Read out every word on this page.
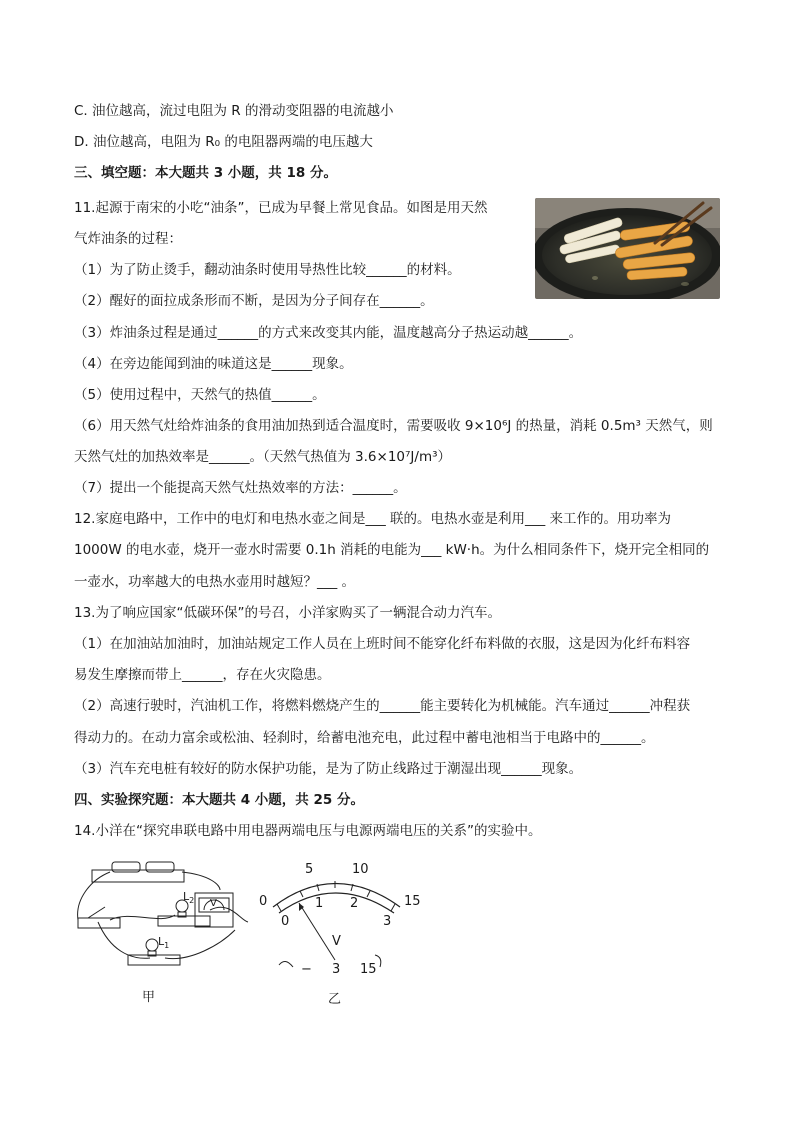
C. 油位越高，流过电阻为 R 的滑动变阻器的电流越小
D. 油位越高，电阻为 R₀ 的电阻器两端的电压越大
三、填空题：本大题共 3 小题，共 18 分。
11.起源于南宋的小吃“油条”，已成为早餐上常见食品。如图是用天然
气炸油条的过程：
（1）为了防止烫手，翻动油条时使用导热性比较______的材料。
（2）醒好的面拉成条形而不断，是因为分子间存在______。
（3）炸油条过程是通过______的方式来改变其内能，温度越高分子热运动越______。
（4）在旁边能闻到油的味道这是______现象。
（5）使用过程中，天然气的热值______。
（6）用天然气灶给炸油条的食用油加热到适合温度时，需要吸收 9×10⁶J 的热量，消耗 0.5m³ 天然气，则
天然气灶的加热效率是______。（天然气热值为 3.6×10⁷J/m³）
（7）提出一个能提高天然气灶热效率的方法：______。
12.家庭电路中，工作中的电灯和电热水壶之间是___ 联的。电热水壶是利用___ 来工作的。用功率为
1000W 的电水壶，烧开一壶水时需要 0.1h 消耗的电能为___ kW·h。为什么相同条件下，烧开完全相同的
一壶水，功率越大的电热水壶用时越短？___ 。
13.为了响应国家“低碳环保”的号召，小洋家购买了一辆混合动力汽车。
（1）在加油站加油时，加油站规定工作人员在上班时间不能穿化纤布料做的衣服，这是因为化纤布料容
易发生摩擦而带上______，存在火灾隐患。
（2）高速行驶时，汽油机工作，将燃料燃烧产生的______能主要转化为机械能。汽车通过______冲程获
得动力的。在动力富余或松油、轻刹时，给蓄电池充电，此过程中蓄电池相当于电路中的______。
（3）汽车充电桩有较好的防水保护功能，是为了防止线路过于潮湿出现______现象。
四、实验探究题：本大题共 4 小题，共 25 分。
14.小洋在“探究串联电路中用电器两端电压与电源两端电压的关系”的实验中。
$L_2$ V
$L_1$
甲
0
5	10
15
0
1 2
3
V
− 3 15
乙
